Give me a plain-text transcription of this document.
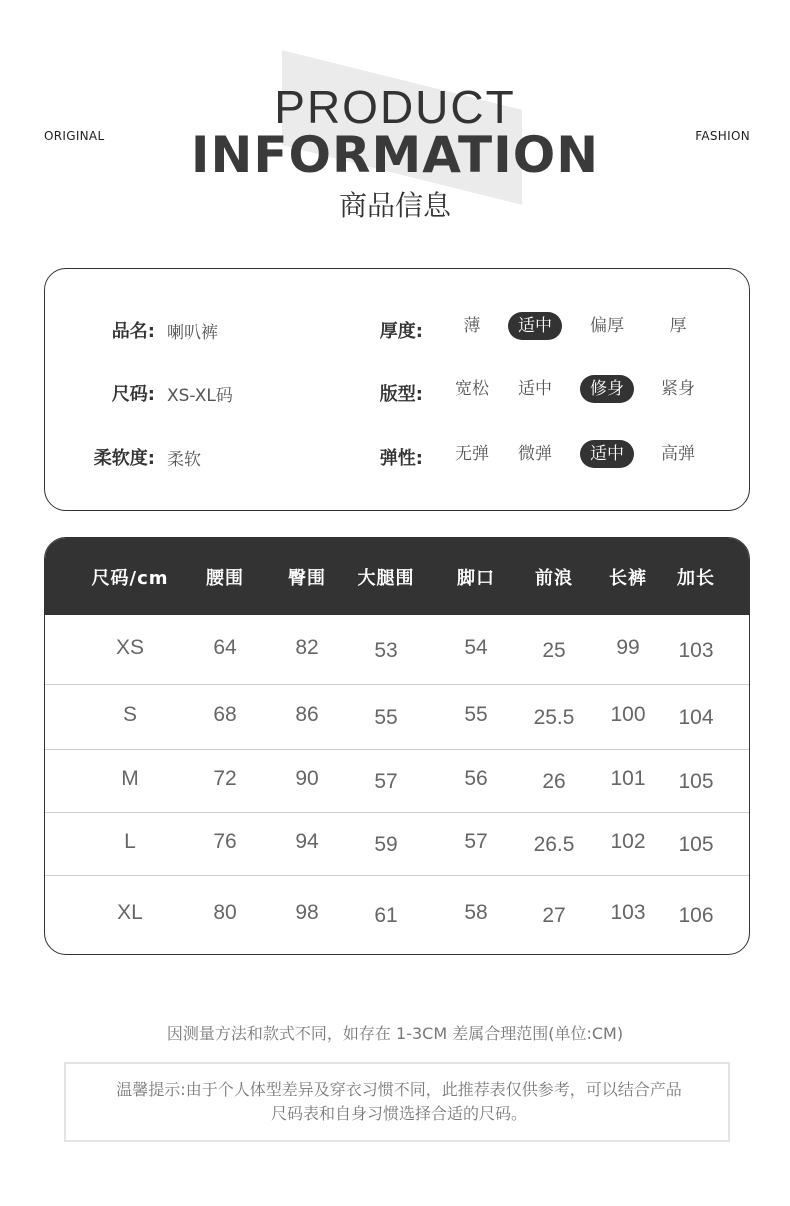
ORIGINAL	FASHION
PRODUCT
INFORMATION
商品信息
品名: 喇叭裤
尺码: XS-XL码
柔软度: 柔软
厚度:	薄	适中	偏厚	厚
版型:	宽松	适中	修身	紧身
弹性:	无弹	微弹	适中	高弹
尺码/cm	腰围	臀围	大腿围	脚口	前浪	长裤	加长
XS	64	82	53	54	25	99	103
S	68	86	55	55	25.5	100	104
M	72	90	57	56	26	101	105
L	76	94	59	57	26.5	102	105
XL	80	98	61	58	27	103	106
因测量方法和款式不同，如存在 1-3CM 差属合理范围(单位:CM)
温馨提示:由于个人体型差异及穿衣习惯不同，此推荐表仅供参考，可以结合产品
尺码表和自身习惯选择合适的尺码。
